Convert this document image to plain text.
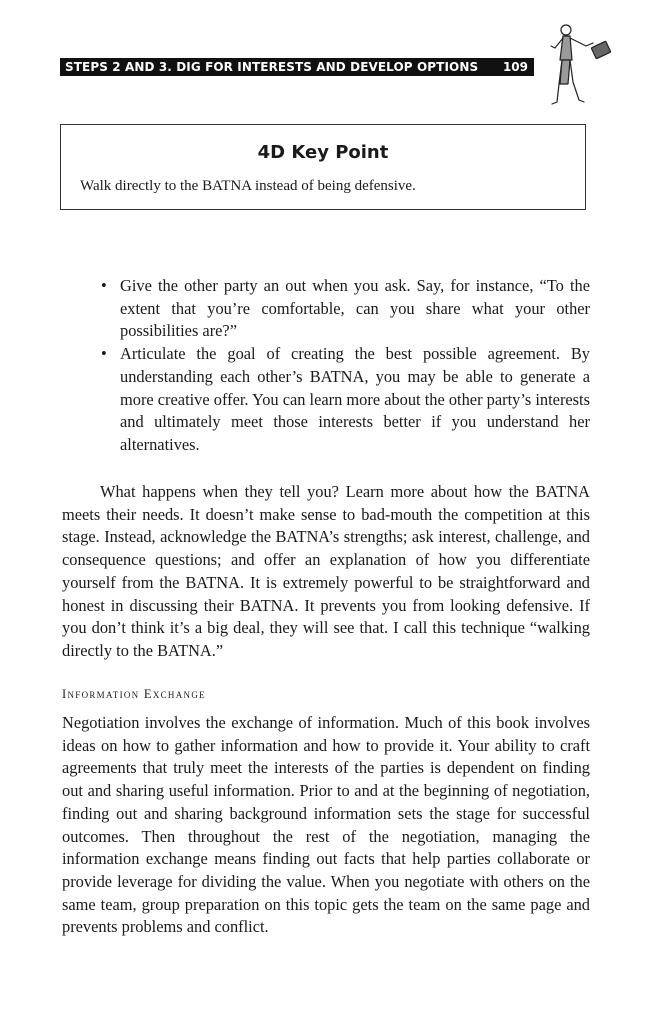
STEPS 2 AND 3. DIG FOR INTERESTS AND DEVELOP OPTIONS 109
4D Key Point
Walk directly to the BATNA instead of being defensive.
• Give the other party an out when you ask. Say, for instance, “To the extent that you’re comfortable, can you share what your other possibilities are?”
• Articulate the goal of creating the best possible agreement. By understanding each other’s BATNA, you may be able to generate a more creative offer. You can learn more about the other party’s interests and ultimately meet those interests better if you understand her alternatives.
What happens when they tell you? Learn more about how the BATNA meets their needs. It doesn’t make sense to bad-mouth the competition at this stage. Instead, acknowledge the BATNA’s strengths; ask interest, challenge, and consequence questions; and offer an explanation of how you differentiate yourself from the BATNA. It is extremely powerful to be straightforward and honest in discussing their BATNA. It prevents you from looking defensive. If you don’t think it’s a big deal, they will see that. I call this technique “walking directly to the BATNA.”
Information Exchange
Negotiation involves the exchange of information. Much of this book involves ideas on how to gather information and how to provide it. Your ability to craft agreements that truly meet the interests of the parties is dependent on finding out and sharing useful information. Prior to and at the beginning of negotiation, finding out and sharing background information sets the stage for successful outcomes. Then throughout the rest of the negotiation, managing the information exchange means finding out facts that help parties collaborate or provide leverage for dividing the value. When you negotiate with others on the same team, group preparation on this topic gets the team on the same page and prevents problems and conflict.
